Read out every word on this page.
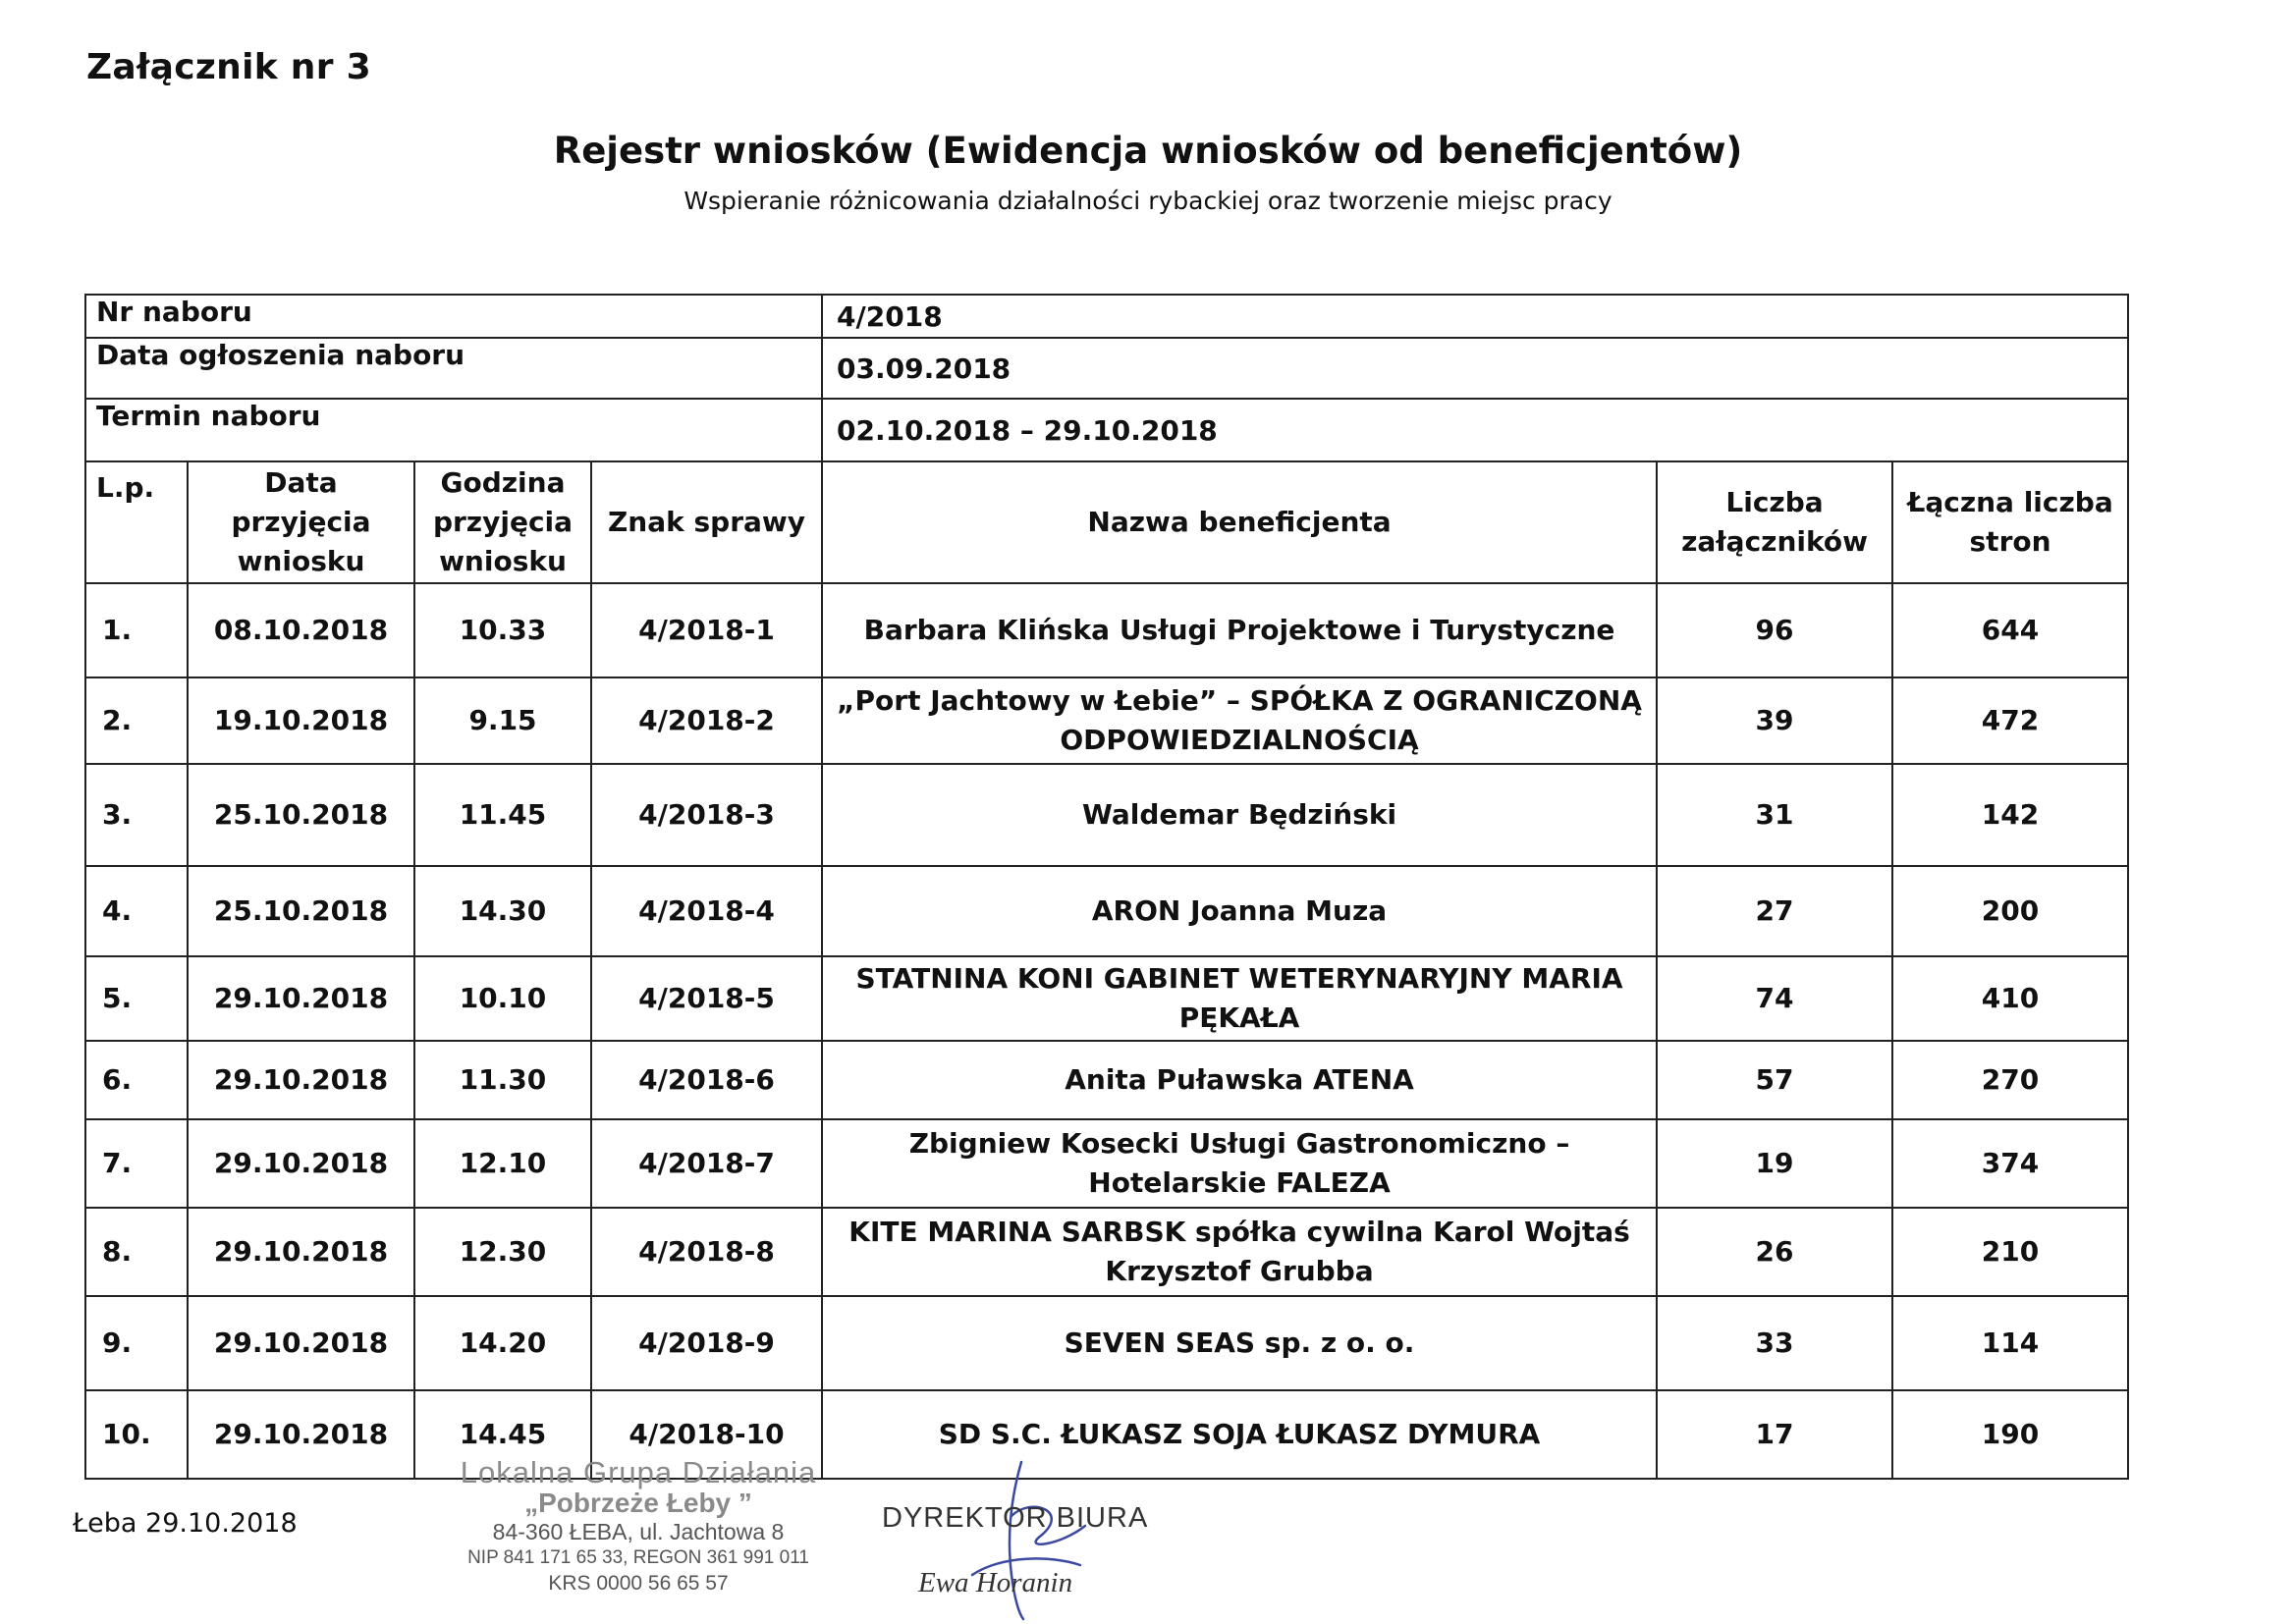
Załącznik nr 3
Rejestr wniosków (Ewidencja wniosków od beneficjentów)
Wspieranie różnicowania działalności rybackiej oraz tworzenie miejsc pracy
Nr naboru				4/2018		
Data ogłoszenia naboru				03.09.2018		
Termin naboru				02.10.2018 – 29.10.2018		
L.p.	Data przyjęcia wniosku	Godzina przyjęcia wniosku	Znak sprawy	Nazwa beneficjenta	Liczba załączników	Łączna liczba stron
1.	08.10.2018	10.33	4/2018-1	Barbara Klińska Usługi Projektowe i Turystyczne	96	644
2.	19.10.2018	9.15	4/2018-2	„Port Jachtowy w Łebie” – SPÓŁKA Z OGRANICZONĄ ODPOWIEDZIALNOŚCIĄ	39	472
3.	25.10.2018	11.45	4/2018-3	Waldemar Będziński	31	142
4.	25.10.2018	14.30	4/2018-4	ARON Joanna Muza	27	200
5.	29.10.2018	10.10	4/2018-5	STATNINA KONI GABINET WETERYNARYJNY MARIA PĘKAŁA	74	410
6.	29.10.2018	11.30	4/2018-6	Anita Puławska ATENA	57	270
7.	29.10.2018	12.10	4/2018-7	Zbigniew Kosecki Usługi Gastronomiczno – Hotelarskie FALEZA	19	374
8.	29.10.2018	12.30	4/2018-8	KITE MARINA SARBSK spółka cywilna Karol Wojtaś Krzysztof Grubba	26	210
9.	29.10.2018	14.20	4/2018-9	SEVEN SEAS sp. z o. o.	33	114
10.	29.10.2018	14.45	4/2018-10	SD S.C. ŁUKASZ SOJA ŁUKASZ DYMURA	17	190
Łeba 29.10.2018
Lokalna Grupa Działania
„Pobrzeże Łeby ”
84-360 ŁEBA, ul. Jachtowa 8
NIP 841 171 65 33, REGON 361 991 011
KRS 0000 56 65 57
DYREKTOR BIURA
Ewa Horanin
